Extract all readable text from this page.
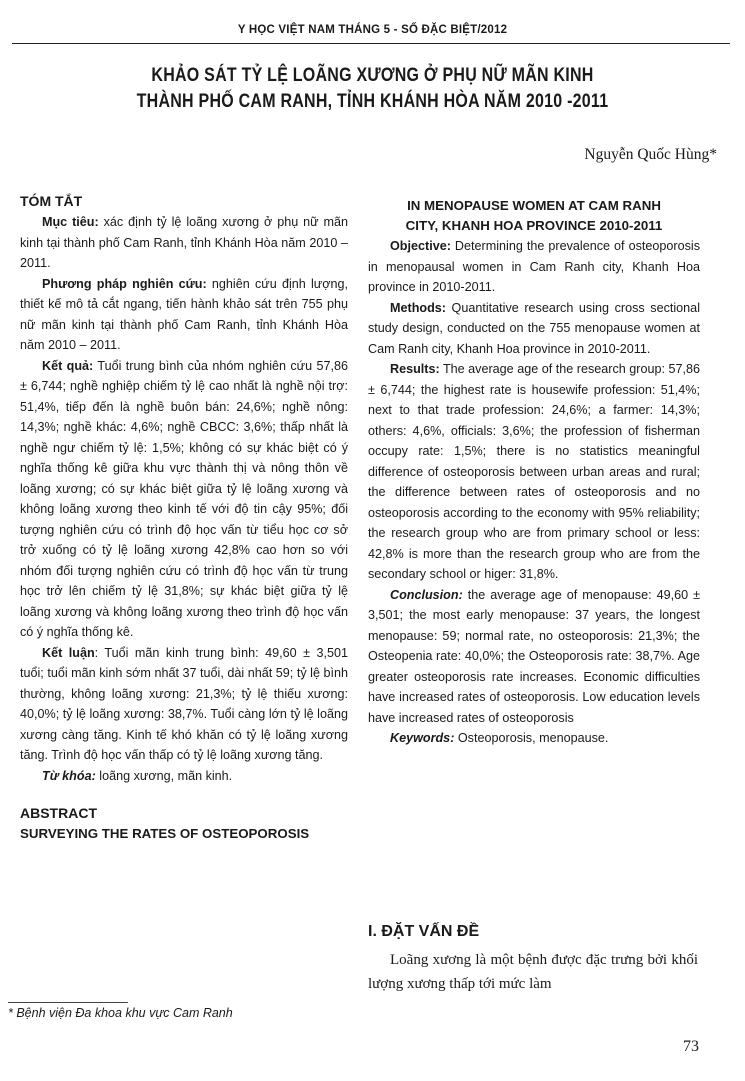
Y HỌC VIỆT NAM THÁNG 5 - SỐ ĐẶC BIỆT/2012
KHẢO SÁT TỶ LỆ LOÃNG XƯƠNG Ở PHỤ NỮ MÃN KINH
THÀNH PHỐ CAM RANH, TỈNH KHÁNH HÒA NĂM 2010 -2011
Nguyễn Quốc Hùng*

TÓM TẮT

Mục tiêu: xác định tỷ lệ loãng xương ở phụ nữ mãn kinh tại thành phố Cam Ranh, tỉnh Khánh Hòa năm 2010 – 2011.

Phương pháp nghiên cứu: nghiên cứu định lượng, thiết kế mô tả cắt ngang, tiến hành khảo sát trên 755 phụ nữ mãn kinh tại thành phố Cam Ranh, tỉnh Khánh Hòa năm 2010 – 2011.

Kết quả: Tuổi trung bình của nhóm nghiên cứu 57,86 ± 6,744; nghề nghiệp chiếm tỷ lệ cao nhất là nghề nội trợ: 51,4%, tiếp đến là nghề buôn bán: 24,6%; nghề nông: 14,3%; nghề khác: 4,6%; nghề CBCC: 3,6%; thấp nhất là nghề ngư chiếm tỷ lệ: 1,5%; không có sự khác biệt có ý nghĩa thống kê giữa khu vực thành thị và nông thôn về loãng xương; có sự khác biệt giữa tỷ lệ loãng xương và không loãng xương theo kinh tế với độ tin cậy 95%; đối tượng nghiên cứu có trình độ học vấn từ tiểu học cơ sở trở xuống có tỷ lệ loãng xương 42,8% cao hơn so với nhóm đối tượng nghiên cứu có trình độ học vấn từ trung học trở lên chiếm tỷ lệ 31,8%; sự khác biệt giữa tỷ lệ loãng xương và không loãng xương theo trình độ học vấn có ý nghĩa thống kê.

Kết luận: Tuổi mãn kinh trung bình: 49,60 ± 3,501 tuổi; tuổi mãn kinh sớm nhất 37 tuổi, dài nhất 59; tỷ lệ bình thường, không loãng xương: 21,3%; tỷ lệ thiếu xương: 40,0%; tỷ lệ loãng xương: 38,7%. Tuổi càng lớn tỷ lệ loãng xương càng tăng. Kinh tế khó khăn có tỷ lệ loãng xương tăng. Trình độ học vấn thấp có tỷ lệ loãng xương tăng.

Từ khóa: loãng xương, mãn kinh.

ABSTRACT

SURVEYING THE RATES OF OSTEOPOROSIS

IN MENOPAUSE WOMEN AT CAM RANH

CITY, KHANH HOA PROVINCE 2010-2011

Objective: Determining the prevalence of osteoporosis in menopausal women in Cam Ranh city, Khanh Hoa province in 2010-2011.

Methods: Quantitative research using cross sectional study design, conducted on the 755 menopause women at Cam Ranh city, Khanh Hoa province in 2010-2011.

Results: The average age of the research group: 57,86 ± 6,744; the highest rate is housewife profession: 51,4%; next to that trade profession: 24,6%; a farmer: 14,3%; others: 4,6%, officials: 3,6%; the profession of fisherman occupy rate: 1,5%; there is no statistics meaningful difference of osteoporosis between urban areas and rural; the difference between rates of osteoporosis and no osteoporosis according to the economy with 95% reliability; the research group who are from primary school or less: 42,8% is more than the research group who are from the secondary school or higer: 31,8%.

Conclusion: the average age of menopause: 49,60 ± 3,501; the most early menopause: 37 years, the longest menopause: 59; normal rate, no osteoporosis: 21,3%; the Osteopenia rate: 40,0%; the Osteoporosis rate: 38,7%. Age greater osteoporosis rate increases. Economic difficulties have increased rates of osteoporosis. Low education levels have increased rates of osteoporosis

Keywords: Osteoporosis, menopause.

I. ĐẶT VẤN ĐỀ

Loãng xương là một bệnh được đặc trưng bởi khối lượng xương thấp tới mức làm

* Bệnh viện Đa khoa khu vực Cam Ranh
73
